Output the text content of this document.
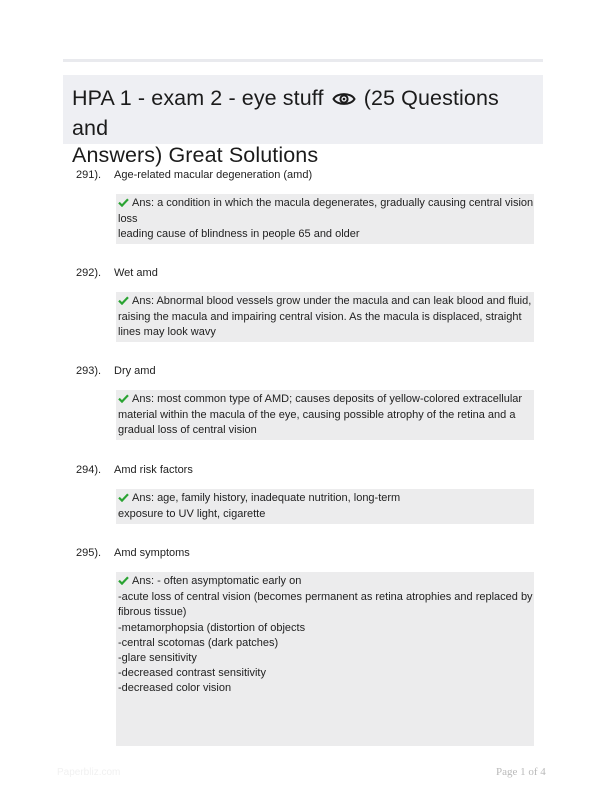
HPA 1 - exam 2 - eye stuff (25 Questions and
Answers) Great Solutions
291). Age-related macular degeneration (amd)
Ans: a condition in which the macula degenerates, gradually causing central vision
loss
leading cause of blindness in people 65 and older
292). Wet amd
Ans: Abnormal blood vessels grow under the macula and can leak blood and fluid,
raising the macula and impairing central vision. As the macula is displaced, straight
lines may look wavy
293). Dry amd
Ans: most common type of AMD; causes deposits of yellow-colored extracellular
material within the macula of the eye, causing possible atrophy of the retina and a
gradual loss of central vision
294). Amd risk factors
Ans: age, family history, inadequate nutrition, long-term
exposure to UV light, cigarette
295). Amd symptoms
Ans: - often asymptomatic early on
-acute loss of central vision (becomes permanent as retina atrophies and replaced by
fibrous tissue)
-metamorphopsia (distortion of objects
-central scotomas (dark patches)
-glare sensitivity
-decreased contrast sensitivity
-decreased color vision
Paperbliz.com	Page 1 of 4
